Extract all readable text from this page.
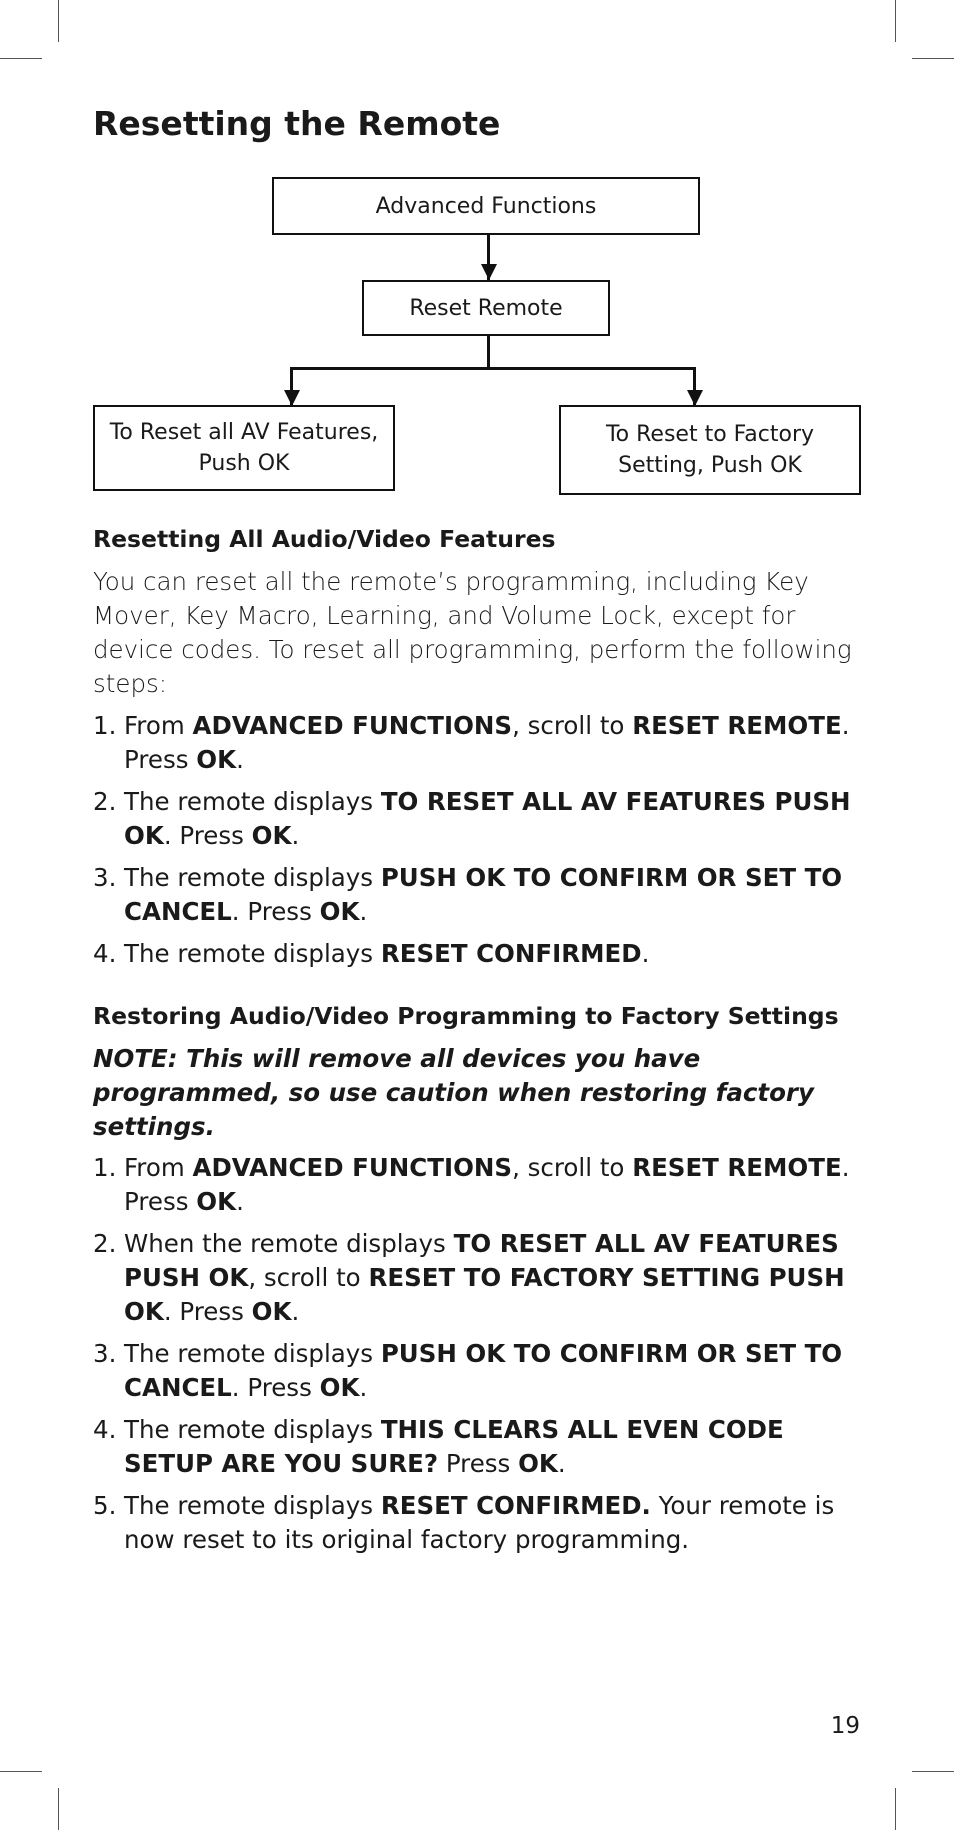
Resetting the Remote
Advanced Functions
Reset Remote
To Reset all AV Features, Push OK
To Reset to Factory Setting, Push OK
Resetting All Audio/Video Features

You can reset all the remote’s programming, including Key Mover, Key Macro, Learning, and Volume Lock, except for device codes. To reset all programming, perform the following steps:

1. From ADVANCED FUNCTIONS, scroll to RESET REMOTE. Press OK.
2. The remote displays TO RESET ALL AV FEATURES PUSH OK. Press OK.
3. The remote displays PUSH OK TO CONFIRM OR SET TO CANCEL. Press OK.
4. The remote displays RESET CONFIRMED.
Restoring Audio/Video Programming to Factory Settings

NOTE: This will remove all devices you have programmed, so use caution when restoring factory settings.

1. From ADVANCED FUNCTIONS, scroll to RESET REMOTE. Press OK.
2. When the remote displays TO RESET ALL AV FEATURES PUSH OK, scroll to RESET TO FACTORY SETTING PUSH OK. Press OK.
3. The remote displays PUSH OK TO CONFIRM OR SET TO CANCEL. Press OK.
4. The remote displays THIS CLEARS ALL EVEN CODE SETUP ARE YOU SURE? Press OK.
5. The remote displays RESET CONFIRMED. Your remote is now reset to its original factory programming.
19
